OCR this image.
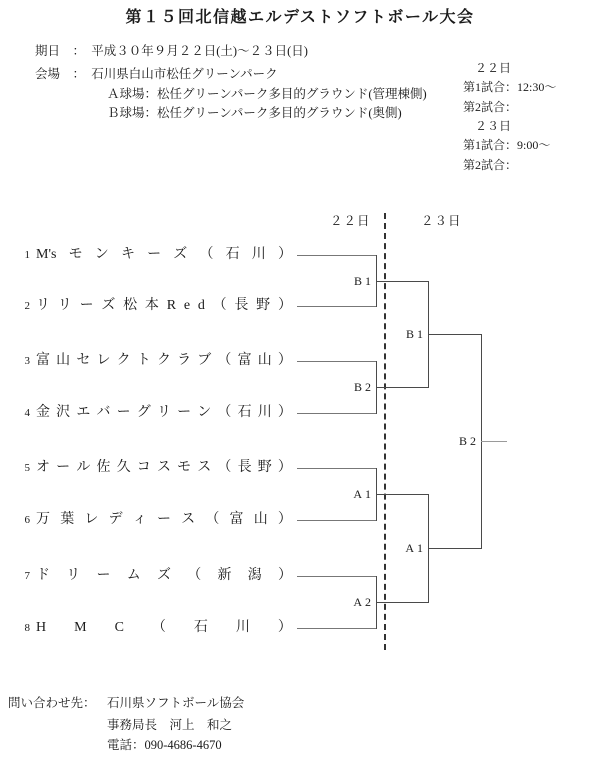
第１５回北信越エルデストソフトボール大会
期日　：　平成３０年９月２２日(土)～２３日(日)
会場　：　石川県白山市松任グリーンパーク
Ａ球場：松任グリーンパーク多目的グラウンド(管理棟側)
Ｂ球場：松任グリーンパーク多目的グラウンド(奥側)
　２２日
第1試合：12:30～
第2試合：
　２３日
第1試合：9:00～
第2試合：
２２日	２３日
1 M's モ ン キ ー ズ （ 石 川 ）
2 リ リ ー ズ 松 本 R e d （ 長 野 ）
3 富 山 セ レ ク ト ク ラ ブ （ 富 山 ）
4 金 沢 エ バ ー グ リ ー ン （ 石 川 ）
5 オ ー ル 佐 久 コ ス モ ス （ 長 野 ）
6 万 葉 レ デ ィ ー ス （ 富 山 ）
7 ド リ ー ム ズ （ 新 潟 ）
8 H M C （ 石 川 ）
B1
B2
A1
A2
B1
A1
B2
問い合わせ先： 石川県ソフトボール協会
事務局長　河上　和之
電話：090-4686-4670
